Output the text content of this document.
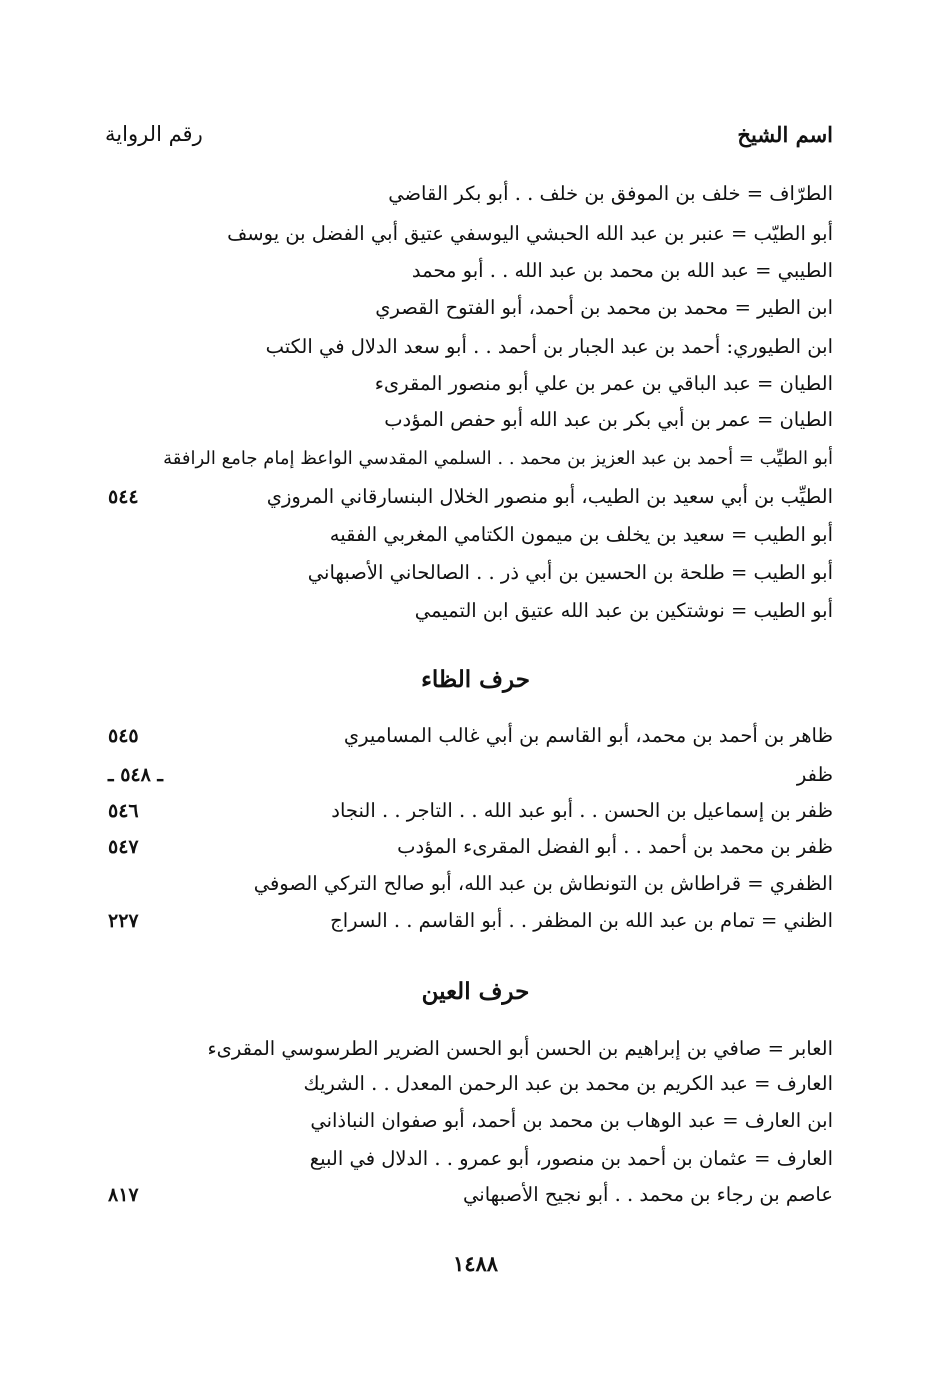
اسم الشيخ
رقم الرواية
الطرّاف = خلف بن الموفق بن خلف . . أبو بكر القاضي
أبو الطيّب = عنبر بن عبد الله الحبشي اليوسفي عتيق أبي الفضل بن يوسف
الطيبي = عبد الله بن محمد بن عبد الله . . أبو محمد
ابن الطير = محمد بن محمد بن أحمد، أبو الفتوح القصري
ابن الطيوري: أحمد بن عبد الجبار بن أحمد . . أبو سعد الدلال في الكتب
الطيان = عبد الباقي بن عمر بن علي أبو منصور المقرىء
الطيان = عمر بن أبي بكر بن عبد الله أبو حفص المؤدب
أبو الطيِّب = أحمد بن عبد العزيز بن محمد . . السلمي المقدسي الواعظ إمام جامع الرافقة
الطيِّب بن أبي سعيد بن الطيب، أبو منصور الخلال البنسارقاني المروزي
٥٤٤
أبو الطيب = سعيد بن يخلف بن ميمون الكتامي المغربي الفقيه
أبو الطيب = طلحة بن الحسين بن أبي ذر . . الصالحاني الأصبهاني
أبو الطيب = نوشتكين بن عبد الله عتيق ابن التميمي
حرف الظاء
ظاهر بن أحمد بن محمد، أبو القاسم بن أبي غالب المساميري
٥٤٥
ظفر
ـ ٥٤٨ ـ
ظفر بن إسماعيل بن الحسن . . أبو عبد الله . . التاجر . . النجاد
٥٤٦
ظفر بن محمد بن أحمد . . أبو الفضل المقرىء المؤدب
٥٤٧
الظفري = قراطاش بن التونطاش بن عبد الله، أبو صالح التركي الصوفي
الظني = تمام بن عبد الله بن المظفر . . أبو القاسم . . السراج
٢٢٧
حرف العين
العابر = صافي بن إبراهيم بن الحسن أبو الحسن الضرير الطرسوسي المقرىء
العارف = عبد الكريم بن محمد بن عبد الرحمن المعدل . . الشريك
ابن العارف = عبد الوهاب بن محمد بن أحمد، أبو صفوان النباذاني
العارف = عثمان بن أحمد بن منصور، أبو عمرو . . الدلال في البيع
عاصم بن رجاء بن محمد . . أبو نجيح الأصبهاني
٨١٧
١٤٨٨
